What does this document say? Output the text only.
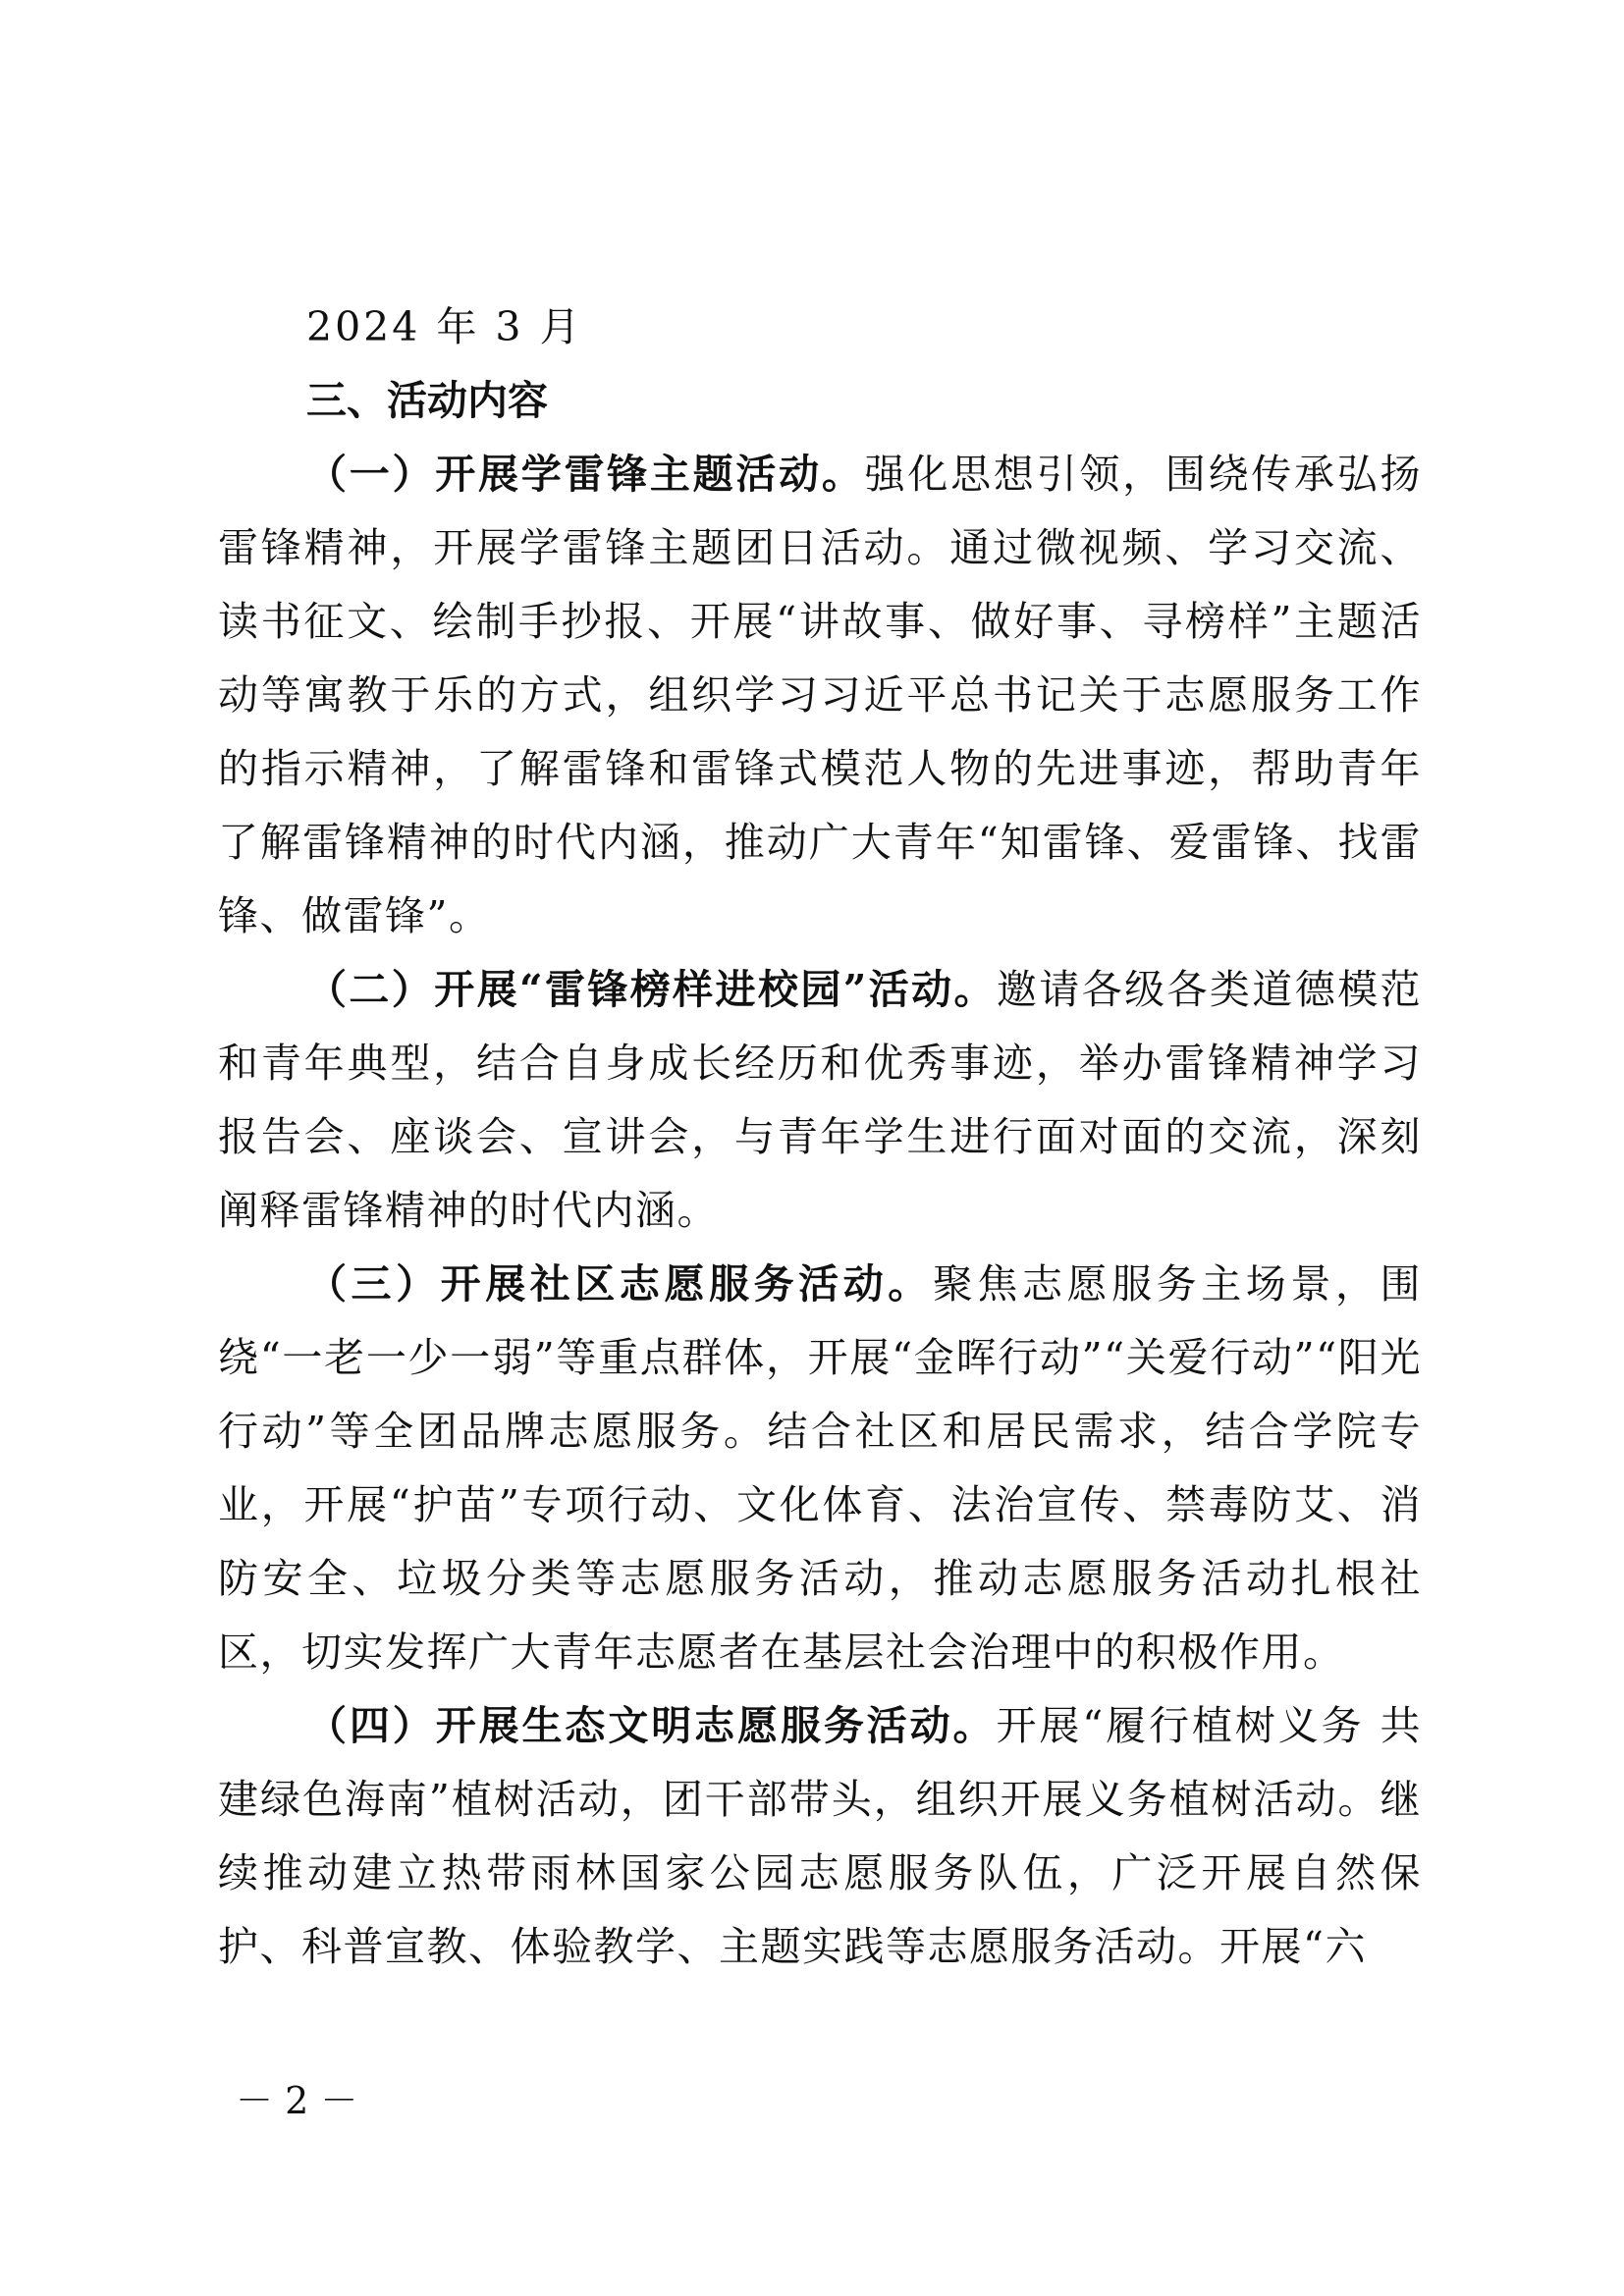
2024 年 3 月

三、活动内容

（一）开展学雷锋主题活动。强化思想引领，围绕传承弘扬雷锋精神，开展学雷锋主题团日活动。通过微视频、学习交流、读书征文、绘制手抄报、开展“讲故事、做好事、寻榜样”主题活动等寓教于乐的方式，组织学习习近平总书记关于志愿服务工作的指示精神，了解雷锋和雷锋式模范人物的先进事迹，帮助青年了解雷锋精神的时代内涵，推动广大青年“知雷锋、爱雷锋、找雷锋、做雷锋”。

（二）开展“雷锋榜样进校园”活动。邀请各级各类道德模范和青年典型，结合自身成长经历和优秀事迹，举办雷锋精神学习报告会、座谈会、宣讲会，与青年学生进行面对面的交流，深刻阐释雷锋精神的时代内涵。

（三）开展社区志愿服务活动。聚焦志愿服务主场景，围绕“一老一少一弱”等重点群体，开展“金晖行动”“关爱行动”“阳光行动”等全团品牌志愿服务。结合社区和居民需求，结合学院专业，开展“护苗”专项行动、文化体育、法治宣传、禁毒防艾、消防安全、垃圾分类等志愿服务活动，推动志愿服务活动扎根社区，切实发挥广大青年志愿者在基层社会治理中的积极作用。

（四）开展生态文明志愿服务活动。开展“履行植树义务 共建绿色海南”植树活动，团干部带头，组织开展义务植树活动。继续推动建立热带雨林国家公园志愿服务队伍，广泛开展自然保护、科普宣教、体验教学、主题实践等志愿服务活动。开展“六

－ 2 －
